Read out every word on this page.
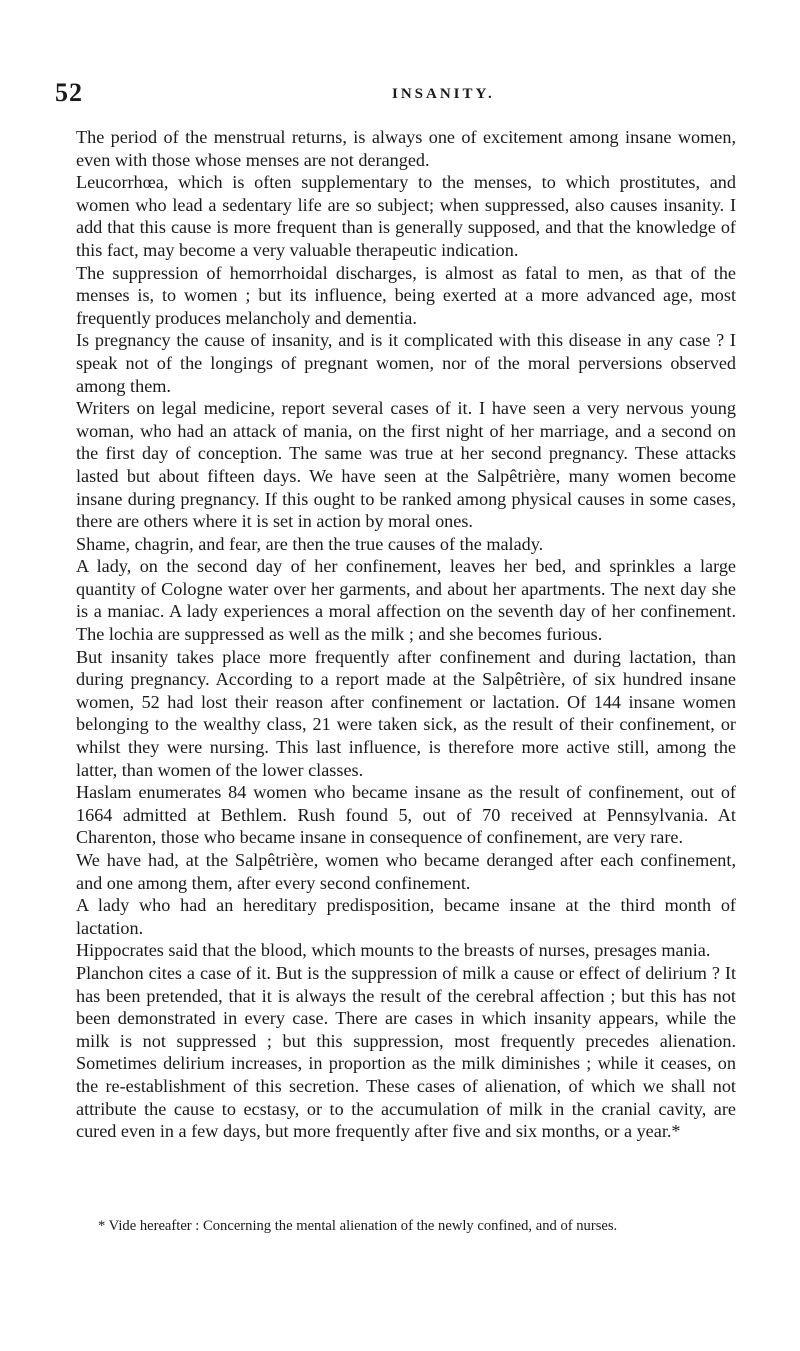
52	INSANITY.

The period of the menstrual returns, is always one of excitement among insane women, even with those whose menses are not deranged.

Leucorrhœa, which is often supplementary to the menses, to which prostitutes, and women who lead a sedentary life are so subject; when suppressed, also causes insanity. I add that this cause is more frequent than is generally supposed, and that the knowledge of this fact, may become a very valuable therapeutic indication.

The suppression of hemorrhoidal discharges, is almost as fatal to men, as that of the menses is, to women ; but its influence, being exerted at a more advanced age, most frequently produces melancholy and dementia.

Is pregnancy the cause of insanity, and is it complicated with this disease in any case ? I speak not of the longings of pregnant women, nor of the moral perversions observed among them.

Writers on legal medicine, report several cases of it. I have seen a very nervous young woman, who had an attack of mania, on the first night of her marriage, and a second on the first day of conception. The same was true at her second pregnancy. These attacks lasted but about fifteen days. We have seen at the Salpêtrière, many women become insane during pregnancy. If this ought to be ranked among physical causes in some cases, there are others where it is set in action by moral ones.

Shame, chagrin, and fear, are then the true causes of the malady.

A lady, on the second day of her confinement, leaves her bed, and sprinkles a large quantity of Cologne water over her garments, and about her apartments. The next day she is a maniac. A lady experiences a moral affection on the seventh day of her confinement. The lochia are suppressed as well as the milk ; and she becomes furious.

But insanity takes place more frequently after confinement and during lactation, than during pregnancy. According to a report made at the Salpêtrière, of six hundred insane women, 52 had lost their reason after confinement or lactation. Of 144 insane women belonging to the wealthy class, 21 were taken sick, as the result of their confinement, or whilst they were nursing. This last influence, is therefore more active still, among the latter, than women of the lower classes.

Haslam enumerates 84 women who became insane as the result of confinement, out of 1664 admitted at Bethlem. Rush found 5, out of 70 received at Pennsylvania. At Charenton, those who became insane in consequence of confinement, are very rare.

We have had, at the Salpêtrière, women who became deranged after each confinement, and one among them, after every second confinement.

A lady who had an hereditary predisposition, became insane at the third month of lactation.

Hippocrates said that the blood, which mounts to the breasts of nurses, presages mania.

Planchon cites a case of it. But is the suppression of milk a cause or effect of delirium ? It has been pretended, that it is always the result of the cerebral affection ; but this has not been demonstrated in every case. There are cases in which insanity appears, while the milk is not suppressed ; but this suppression, most frequently precedes alienation. Sometimes delirium increases, in proportion as the milk diminishes ; while it ceases, on the re-establishment of this secretion. These cases of alienation, of which we shall not attribute the cause to ecstasy, or to the accumulation of milk in the cranial cavity, are cured even in a few days, but more frequently after five and six months, or a year.*

* Vide hereafter : Concerning the mental alienation of the newly confined, and of nurses.
